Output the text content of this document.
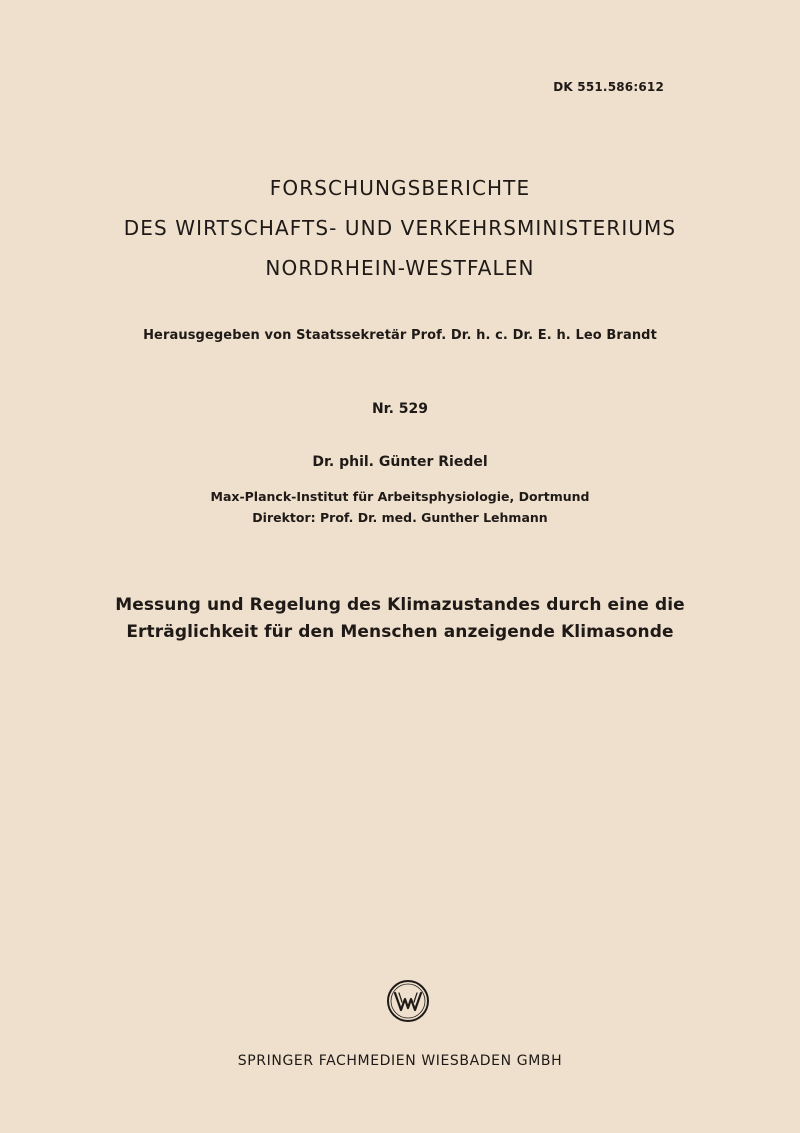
DK 551.586:612
FORSCHUNGSBERICHTE
DES WIRTSCHAFTS- UND VERKEHRSMINISTERIUMS
NORDRHEIN-WESTFALEN
Herausgegeben von Staatssekretär Prof. Dr. h. c. Dr. E. h. Leo Brandt
Nr. 529
Dr. phil. Günter Riedel
Max-Planck-Institut für Arbeitsphysiologie, Dortmund
Direktor: Prof. Dr. med. Gunther Lehmann
Messung und Regelung des Klimazustandes durch eine die
Erträglichkeit für den Menschen anzeigende Klimasonde
SPRINGER FACHMEDIEN WIESBADEN GMBH
